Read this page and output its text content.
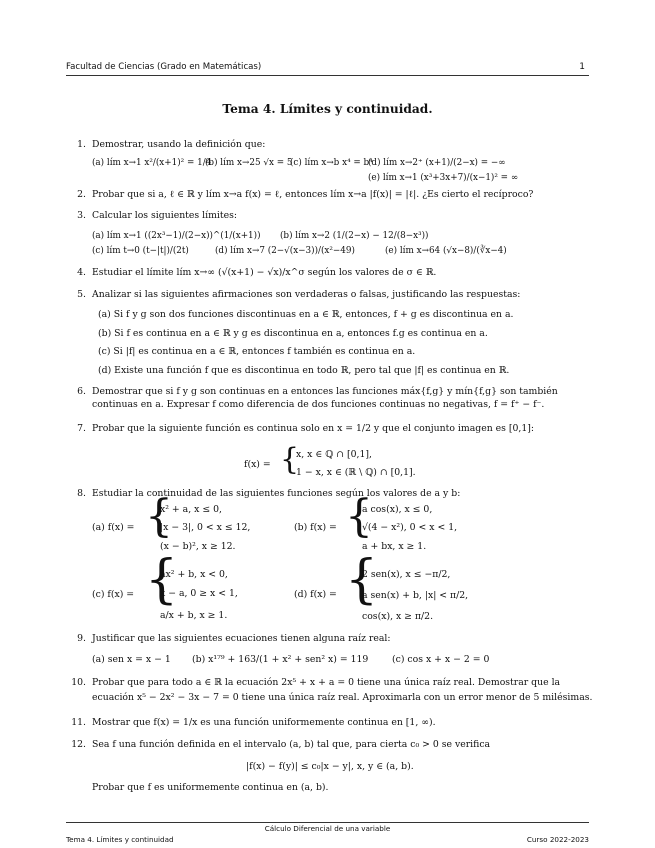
Facultad de Ciencias (Grado en Matemáticas)	1
Tema 4. Límites y continuidad.
1. Demostrar, usando la definición que:
(a) lím x→1 x²/(x+1)² = 1/4
(b) lím x→25 √x = 5
(c) lím x→b x⁴ = b⁴
(d) lím x→2⁺ (x+1)/(2−x) = −∞
(e) lím x→1 (x³+3x+7)/(x−1)² = ∞
2. Probar que si a, ℓ ∈ ℝ y lím x→a f(x) = ℓ, entonces lím x→a |f(x)| = |ℓ|. ¿Es cierto el recíproco?
3. Calcular los siguientes límites:
(a) lím x→1 ((2x³−1)/(2−x))^(1/(x+1)) (b) lím x→2 (1/(2−x) − 12/(8−x³))
(c) lím t→0 (t−|t|)/(2t)	(d) lím x→7 (2−√(x−3))/(x²−49)	(e) lím x→64 (√x−8)/(∛x−4)
4. Estudiar el límite lím x→∞ (√(x+1) − √x)/x^σ según los valores de σ ∈ ℝ.
5. Analizar si las siguientes afirmaciones son verdaderas o falsas, justificando las respuestas:
(a) Si f y g son dos funciones discontinuas en a ∈ ℝ, entonces, f + g es discontinua en a.
(b) Si f es continua en a ∈ ℝ y g es discontinua en a, entonces f.g es continua en a.
(c) Si |f| es continua en a ∈ ℝ, entonces f también es continua en a.
(d) Existe una función f que es discontinua en todo ℝ, pero tal que |f| es continua en ℝ.
6. Demostrar que si f y g son continuas en a entonces las funciones máx{f,g} y mín{f,g} son también
continuas en a. Expresar f como diferencia de dos funciones continuas no negativas, f = f⁺ − f⁻.
7. Probar que la siguiente función es continua solo en x = 1/2 y que el conjunto imagen es [0,1]:
f(x) = {
x, x ∈ ℚ ∩ [0,1],
1 − x, x ∈ (ℝ \ ℚ) ∩ [0,1].
8. Estudiar la continuidad de las siguientes funciones según los valores de a y b:
(a) f(x) = {
x² + a, x ≤ 0,
|x − 3|, 0 < x ≤ 12,
(x − b)², x ≥ 12.
(b) f(x) = {
a cos(x), x ≤ 0,
√(4 − x²), 0 < x < 1,
a + bx, x ≥ 1.
(c) f(x) = {
ax² + b, x < 0,
x − a, 0 ≥ x < 1,
a/x + b, x ≥ 1.
(d) f(x) = {
2 sen(x), x ≤ −π/2,
a sen(x) + b, |x| < π/2,
cos(x), x ≥ π/2.
9. Justificar que las siguientes ecuaciones tienen alguna raíz real:
(a) sen x = x − 1 (b) x¹⁷⁹ + 163/(1 + x² + sen² x) = 119	(c) cos x + x − 2 = 0
10. Probar que para todo a ∈ ℝ la ecuación 2x⁵ + x + a = 0 tiene una única raíz real. Demostrar que la
ecuación x⁵ − 2x² − 3x − 7 = 0 tiene una única raíz real. Aproximarla con un error menor de 5 milésimas.
11. Mostrar que f(x) = 1/x es una función uniformemente continua en [1, ∞).
12. Sea f una función definida en el intervalo (a, b) tal que, para cierta c₀ > 0 se verifica
|f(x) − f(y)| ≤ c₀|x − y|, x, y ∈ (a, b).
Probar que f es uniformemente continua en (a, b).
Cálculo Diferencial de una variable
Tema 4. Límites y continuidad	Curso 2022-2023
